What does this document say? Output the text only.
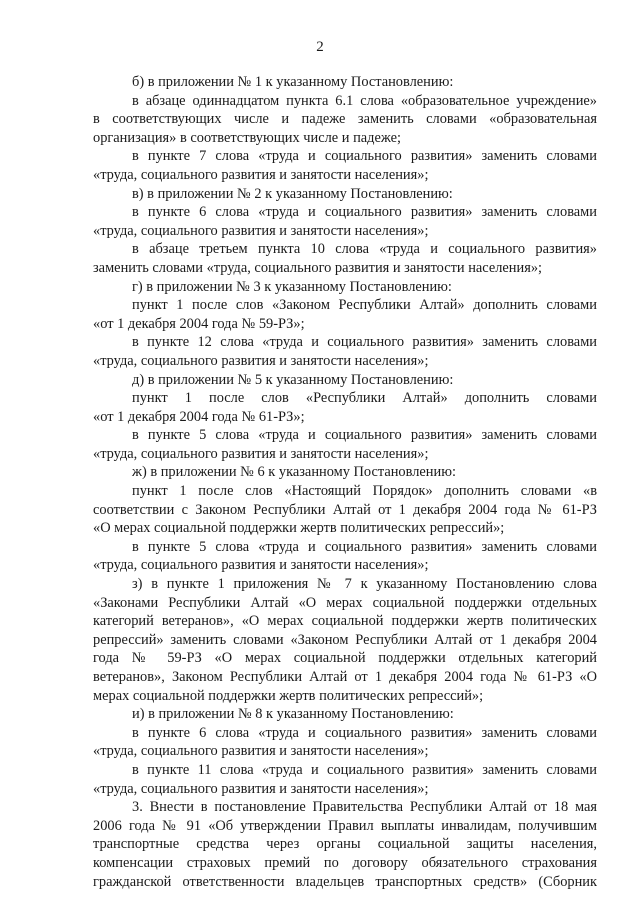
2
б) в приложении № 1 к указанному Постановлению:
в абзаце одиннадцатом пункта 6.1 слова «образовательное учреждение»
в соответствующих числе и падеже заменить словами «образовательная
организация» в соответствующих числе и падеже;
в пункте 7 слова «труда и социального развития» заменить словами
«труда, социального развития и занятости населения»;
в) в приложении № 2 к указанному Постановлению:
в пункте 6 слова «труда и социального развития» заменить словами
«труда, социального развития и занятости населения»;
в абзаце третьем пункта 10 слова «труда и социального развития»
заменить словами «труда, социального развития и занятости населения»;
г) в приложении № 3 к указанному Постановлению:
пункт 1 после слов «Законом Республики Алтай» дополнить словами
«от 1 декабря 2004 года № 59-РЗ»;
в пункте 12 слова «труда и социального развития» заменить словами
«труда, социального развития и занятости населения»;
д) в приложении № 5 к указанному Постановлению:
пункт 1 после слов «Республики Алтай» дополнить словами
«от 1 декабря 2004 года № 61-РЗ»;
в пункте 5 слова «труда и социального развития» заменить словами
«труда, социального развития и занятости населения»;
ж) в приложении № 6 к указанному Постановлению:
пункт 1 после слов «Настоящий Порядок» дополнить словами «в
соответствии с Законом Республики Алтай от 1 декабря 2004 года № 61-РЗ
«О мерах социальной поддержки жертв политических репрессий»;
в пункте 5 слова «труда и социального развития» заменить словами
«труда, социального развития и занятости населения»;
з) в пункте 1 приложения № 7 к указанному Постановлению слова
«Законами Республики Алтай «О мерах социальной поддержки отдельных
категорий ветеранов», «О мерах социальной поддержки жертв политических
репрессий» заменить словами «Законом Республики Алтай от 1 декабря 2004
года № 59-РЗ «О мерах социальной поддержки отдельных категорий
ветеранов», Законом Республики Алтай от 1 декабря 2004 года № 61-РЗ «О
мерах социальной поддержки жертв политических репрессий»;
и) в приложении № 8 к указанному Постановлению:
в пункте 6 слова «труда и социального развития» заменить словами
«труда, социального развития и занятости населения»;
в пункте 11 слова «труда и социального развития» заменить словами
«труда, социального развития и занятости населения»;
3. Внести в постановление Правительства Республики Алтай от 18 мая
2006 года № 91 «Об утверждении Правил выплаты инвалидам, получившим
транспортные средства через органы социальной защиты населения,
компенсации страховых премий по договору обязательного страхования
гражданской ответственности владельцев транспортных средств» (Сборник
